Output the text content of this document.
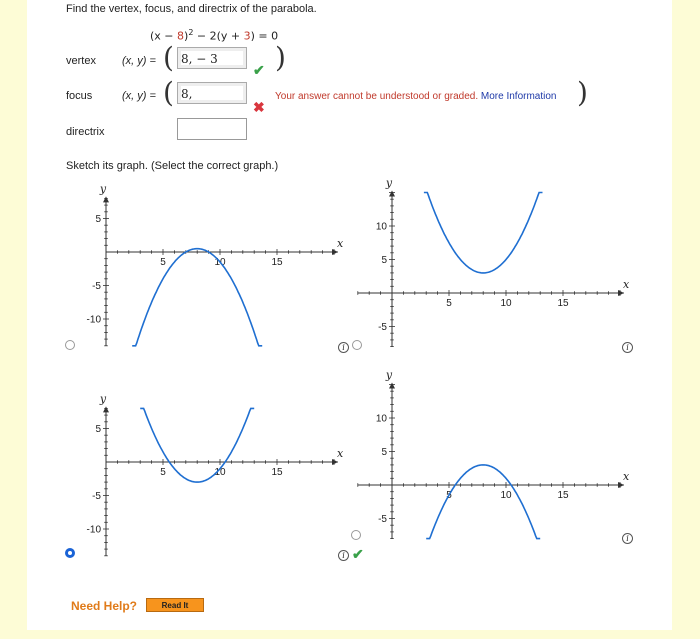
Find the vertex, focus, and directrix of the parabola.
$(x - 8)^2 - 2(y + 3) = 0$
vertex (x, y) = ( 8, − 3
✔ )
focus	(x, y) = ( 8,
✖
Your answer cannot be understood or graded. More Information )
directrix
Sketch its graph. (Select the correct graph.)
5	10	15
5
-5
-10
x
y
5	10	15
10
5
-5
x
y
5	10	15
5
-5
-10
x
y
5	10	15
10
5
-5
x
y
i	i
i ✔
i
Need Help?	Read It
